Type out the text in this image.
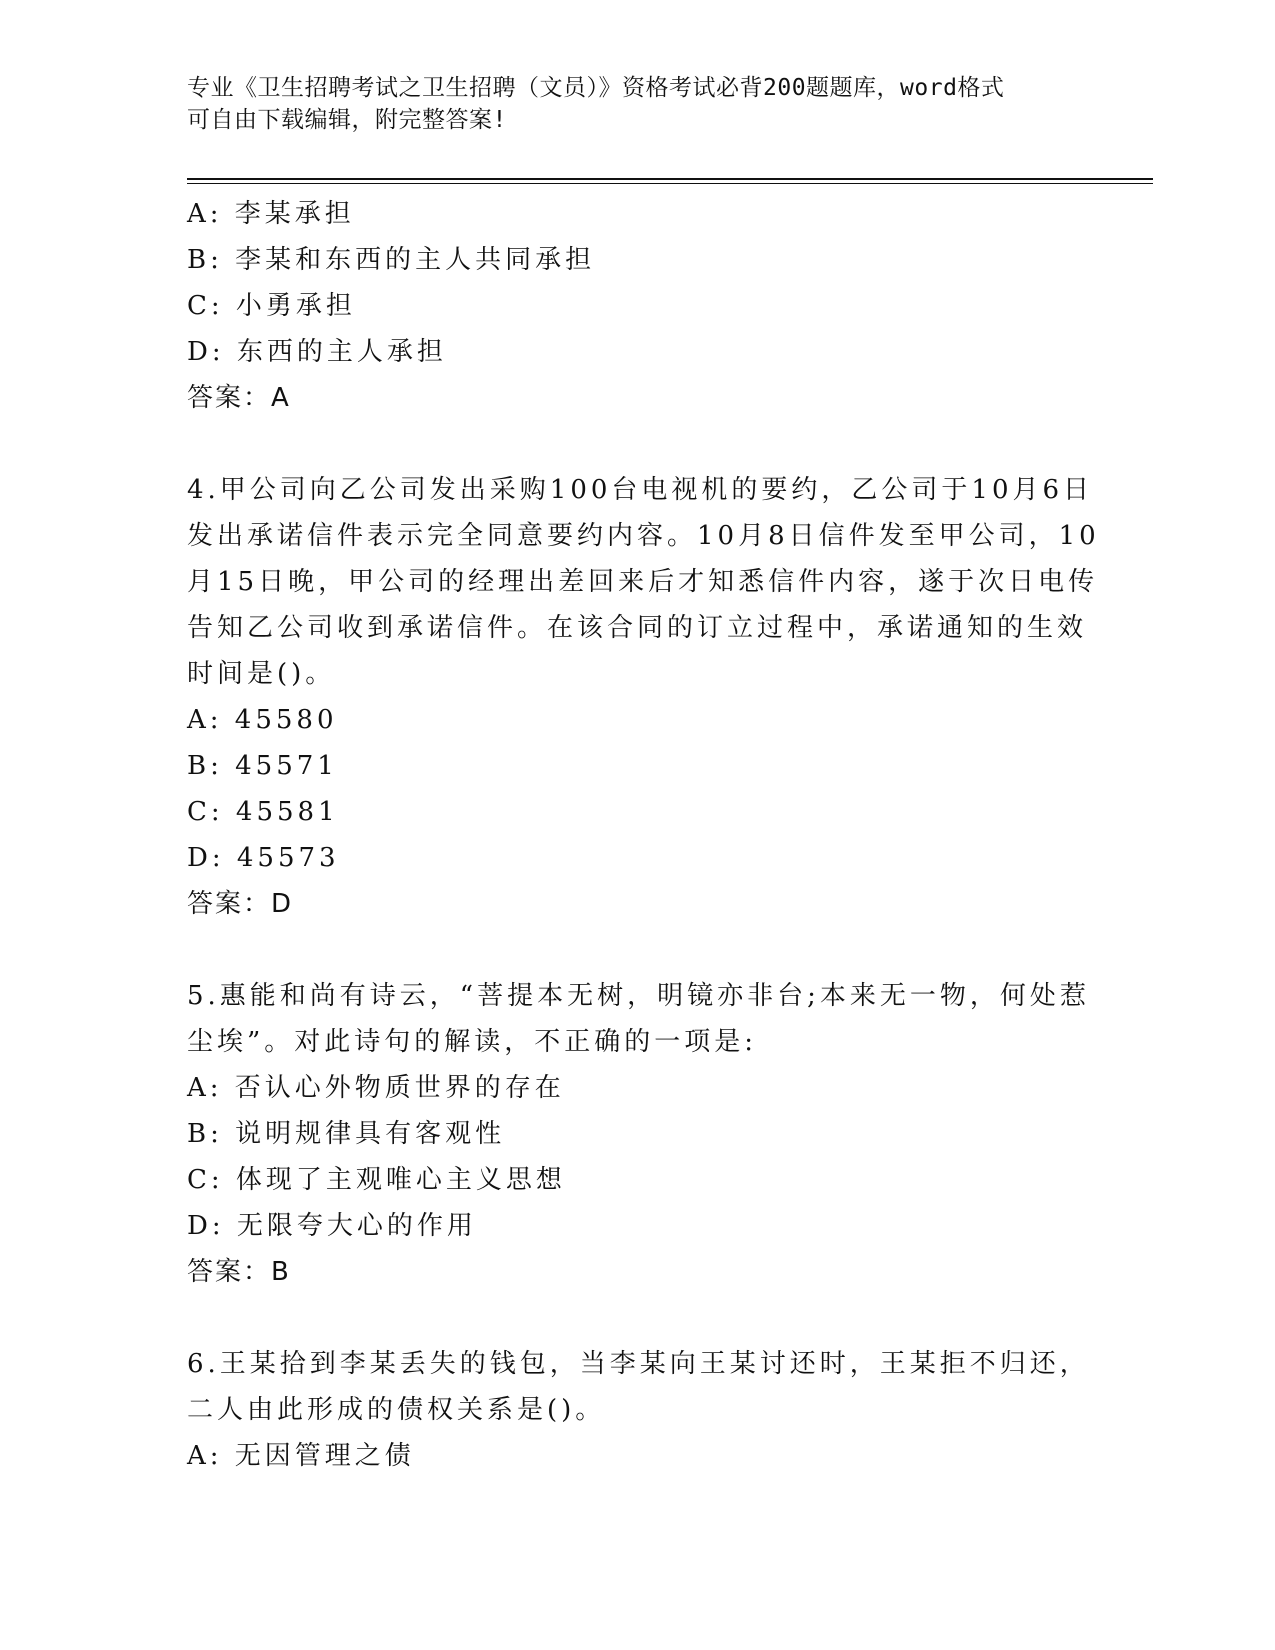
专业《卫生招聘考试之卫生招聘（文员）》资格考试必背200题题库，word格式
可自由下载编辑，附完整答案!
A: 李某承担
B: 李某和东西的主人共同承担
C: 小勇承担
D: 东西的主人承担
答案：A
4.甲公司向乙公司发出采购100台电视机的要约，乙公司于10月6日
发出承诺信件表示完全同意要约内容。10月8日信件发至甲公司，10
月15日晚，甲公司的经理出差回来后才知悉信件内容，遂于次日电传
告知乙公司收到承诺信件。在该合同的订立过程中，承诺通知的生效
时间是()。
A: 45580
B: 45571
C: 45581
D: 45573
答案：D
5.惠能和尚有诗云，“菩提本无树，明镜亦非台;本来无一物，何处惹
尘埃”。对此诗句的解读，不正确的一项是:
A: 否认心外物质世界的存在
B: 说明规律具有客观性
C: 体现了主观唯心主义思想
D: 无限夸大心的作用
答案：B
6.王某拾到李某丢失的钱包，当李某向王某讨还时，王某拒不归还，
二人由此形成的债权关系是()。
A: 无因管理之债
